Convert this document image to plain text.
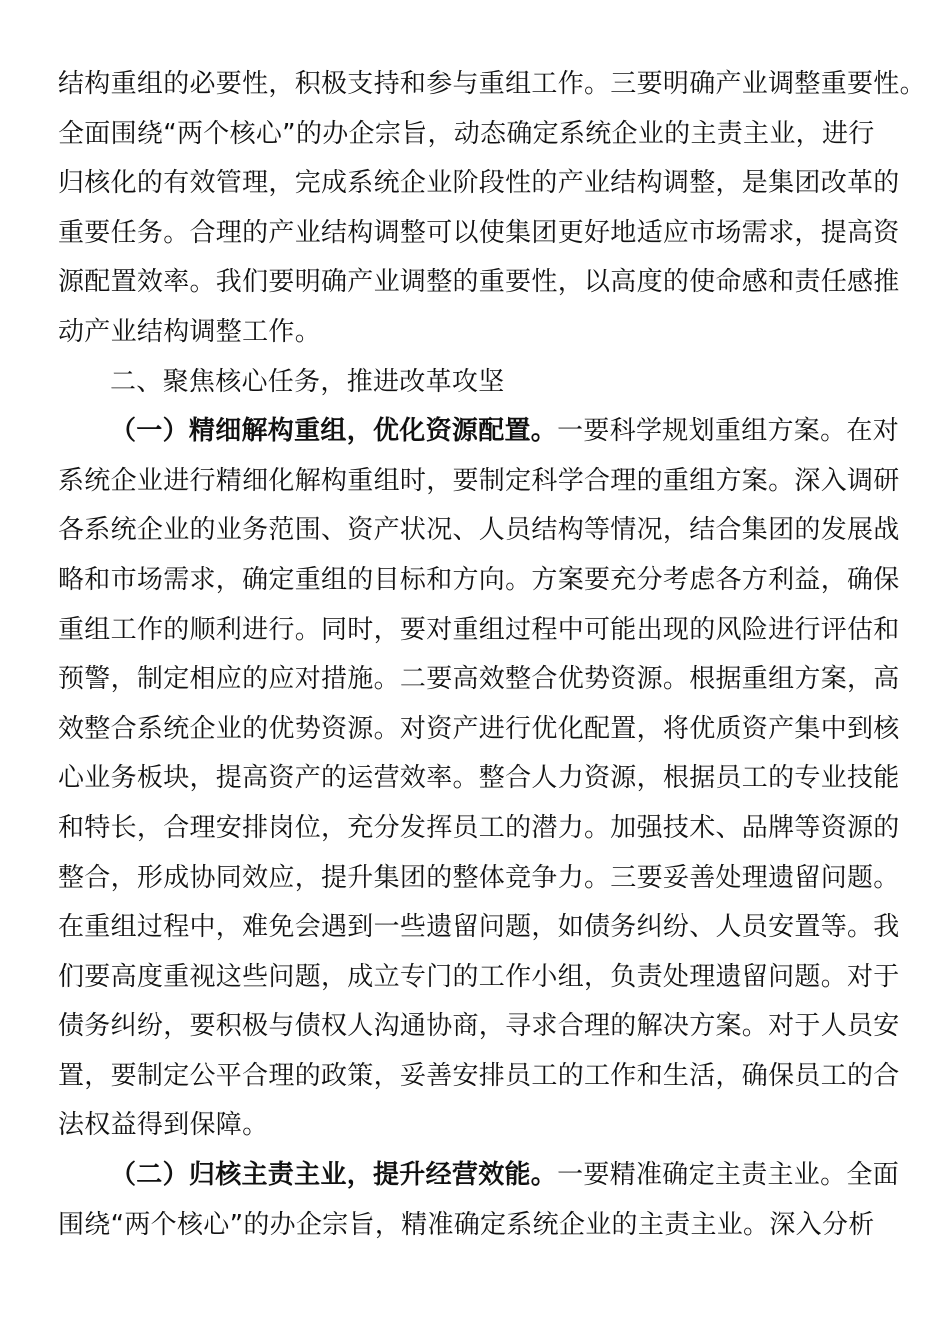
结构重组的必要性，积极支持和参与重组工作。三要明确产业调整重要性。
全面围绕“两个核心”的办企宗旨，动态确定系统企业的主责主业，进行
归核化的有效管理，完成系统企业阶段性的产业结构调整，是集团改革的
重要任务。合理的产业结构调整可以使集团更好地适应市场需求，提高资
源配置效率。我们要明确产业调整的重要性，以高度的使命感和责任感推
动产业结构调整工作。
二、聚焦核心任务，推进改革攻坚
（一）精细解构重组，优化资源配置。一要科学规划重组方案。在对
系统企业进行精细化解构重组时，要制定科学合理的重组方案。深入调研
各系统企业的业务范围、资产状况、人员结构等情况，结合集团的发展战
略和市场需求，确定重组的目标和方向。方案要充分考虑各方利益，确保
重组工作的顺利进行。同时，要对重组过程中可能出现的风险进行评估和
预警，制定相应的应对措施。二要高效整合优势资源。根据重组方案，高
效整合系统企业的优势资源。对资产进行优化配置，将优质资产集中到核
心业务板块，提高资产的运营效率。整合人力资源，根据员工的专业技能
和特长，合理安排岗位，充分发挥员工的潜力。加强技术、品牌等资源的
整合，形成协同效应，提升集团的整体竞争力。三要妥善处理遗留问题。
在重组过程中，难免会遇到一些遗留问题，如债务纠纷、人员安置等。我
们要高度重视这些问题，成立专门的工作小组，负责处理遗留问题。对于
债务纠纷，要积极与债权人沟通协商，寻求合理的解决方案。对于人员安
置，要制定公平合理的政策，妥善安排员工的工作和生活，确保员工的合
法权益得到保障。
（二）归核主责主业，提升经营效能。一要精准确定主责主业。全面
围绕“两个核心”的办企宗旨，精准确定系统企业的主责主业。深入分析
